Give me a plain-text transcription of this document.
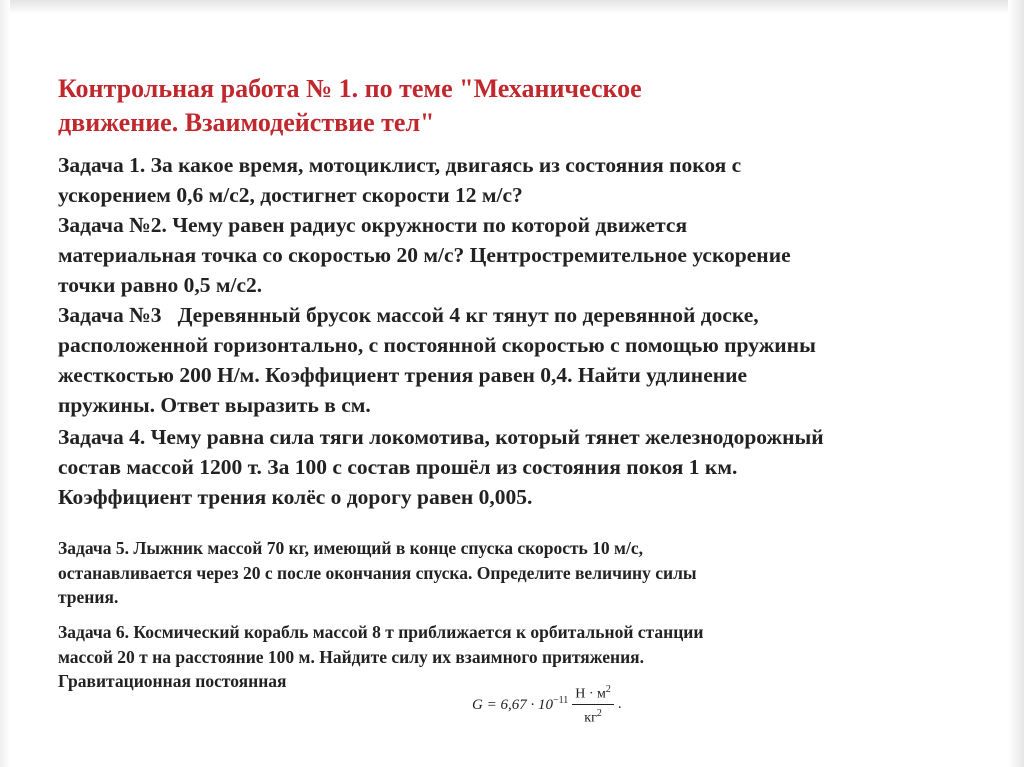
Контрольная работа № 1. по теме "Механическое
движение. Взаимодействие тел"
Задача 1. За какое время, мотоциклист, двигаясь из состояния покоя с
ускорением 0,6 м/с2, достигнет скорости 12 м/с?
Задача №2. Чему равен радиус окружности по которой движется
материальная точка со скоростью 20 м/с? Центростремительное ускорение
точки равно 0,5 м/с2.
Задача №3   Деревянный брусок массой 4 кг тянут по деревянной доске,
расположенной горизонтально, с постоянной скоростью с помощью пружины
жесткостью 200 Н/м. Коэффициент трения равен 0,4. Найти удлинение
пружины. Ответ выразить в см.
Задача 4. Чему равна сила тяги локомотива, который тянет железнодорожный
состав массой 1200 т. За 100 с состав прошёл из состояния покоя 1 км.
Коэффициент трения колёс о дорогу равен 0,005.
Задача 5. Лыжник массой 70 кг, имеющий в конце спуска скорость 10 м/с,
останавливается через 20 с после окончания спуска. Определите величину силы
трения.
Задача 6. Космический корабль массой 8 т приближается к орбитальной станции
массой 20 т на расстояние 100 м. Найдите силу их взаимного притяжения.
Гравитационная постоянная
$G = 6,67 \cdot 10^{-11} \frac{Н \cdot м^2}{кг^2}$ .
